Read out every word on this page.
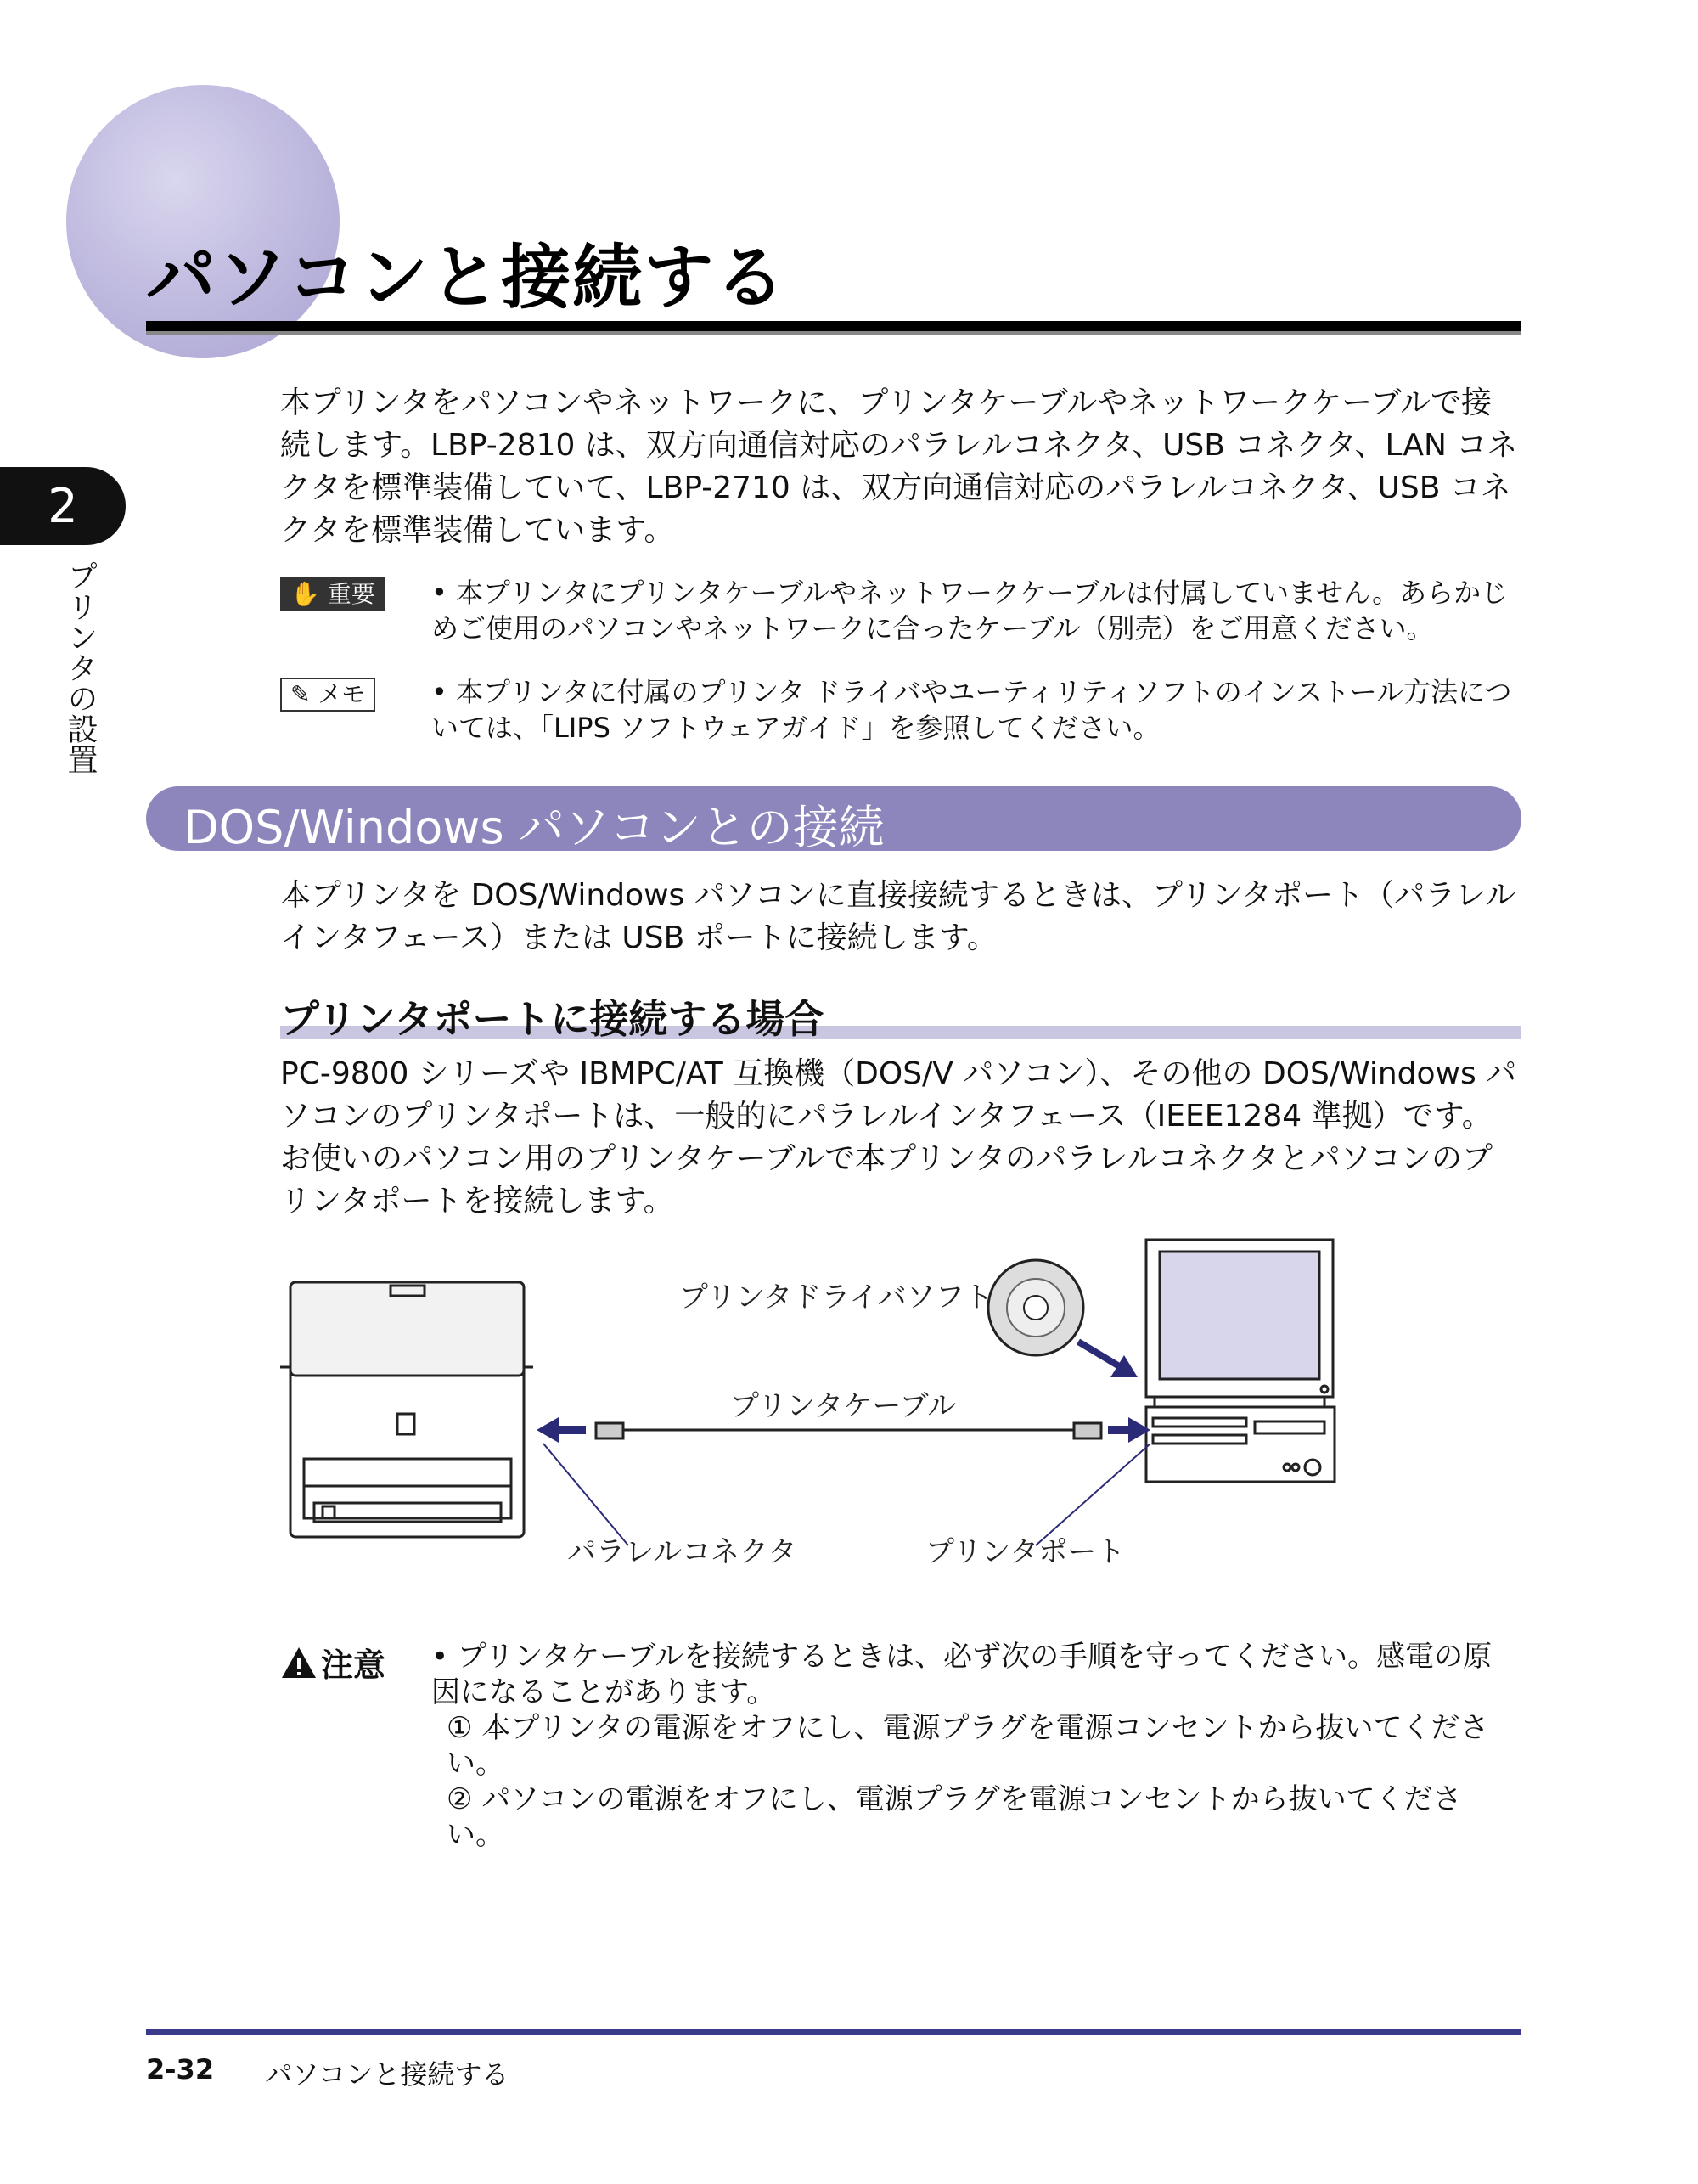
パソコンと接続する
2
プリンタの設置
本プリンタをパソコンやネットワークに、プリンタケーブルやネットワークケーブルで接続します。LBP-2810 は、双方向通信対応のパラレルコネクタ、USB コネクタ、LAN コネクタを標準装備していて、LBP-2710 は、双方向通信対応のパラレルコネクタ、USB コネクタを標準装備しています。
✋ 重要	• 本プリンタにプリンタケーブルやネットワークケーブルは付属していません。あらかじめご使用のパソコンやネットワークに合ったケーブル（別売）をご用意ください。
✎ メモ	• 本プリンタに付属のプリンタ ドライバやユーティリティソフトのインストール方法については、「LIPS ソフトウェアガイド」を参照してください。
DOS/Windows パソコンとの接続
本プリンタを DOS/Windows パソコンに直接接続するときは、プリンタポート（パラレルインタフェース）または USB ポートに接続します。
プリンタポートに接続する場合
PC-9800 シリーズや IBMPC/AT 互換機（DOS/V パソコン）、その他の DOS/Windows パソコンのプリンタポートは、一般的にパラレルインタフェース（IEEE1284 準拠）です。お使いのパソコン用のプリンタケーブルで本プリンタのパラレルコネクタとパソコンのプリンタポートを接続します。
プリンタドライバソフト
プリンタケーブル
パラレルコネクタ	プリンタポート
注意 • プリンタケーブルを接続するときは、必ず次の手順を守ってください。感電の原因になることがあります。
① 本プリンタの電源をオフにし、電源プラグを電源コンセントから抜いてください。
② パソコンの電源をオフにし、電源プラグを電源コンセントから抜いてください。
2-32 パソコンと接続する
